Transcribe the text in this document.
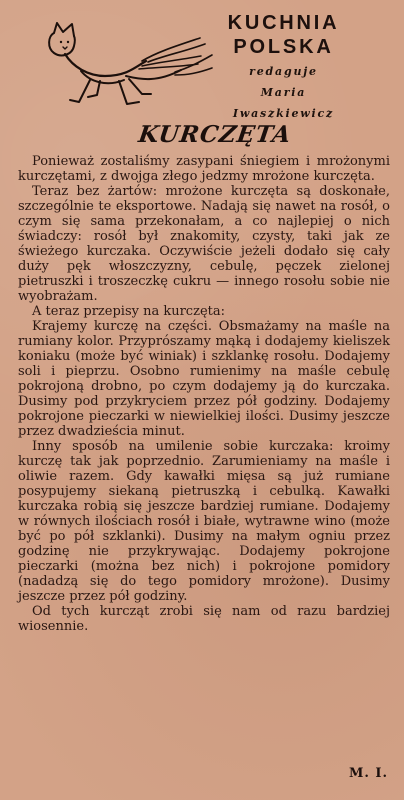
KUCHNIA
POLSKA
redaguje
Maria
Iwaszkiewicz
KURCZĘTA

Ponieważ zostaliśmy zasypani śniegiem i mrożonymi kurczętami, z dwojga złego jedzmy mrożone kurczęta.

Teraz bez żartów: mrożone kurczęta są doskonałe, szczególnie te eksportowe. Nadają się nawet na rosół, o czym się sama przekonałam, a co najlepiej o nich świadczy: rosół był znakomity, czysty, taki jak ze świeżego kurczaka. Oczywiście jeżeli dodało się cały duży pęk włoszczyzny, cebulę, pęczek zielonej pietruszki i troszeczkę cukru — innego rosołu sobie nie wyobrażam.

A teraz przepisy na kurczęta:

Krajemy kurczę na części. Obsmażamy na maśle na rumiany kolor. Przyprószamy mąką i dodajemy kieliszek koniaku (może być winiak) i szklankę rosołu. Dodajemy soli i pieprzu. Osobno rumienimy na maśle cebulę pokrojoną drobno, po czym dodajemy ją do kurczaka. Dusimy pod przykryciem przez pół godziny. Dodajemy pokrojone pieczarki w niewielkiej ilości. Dusimy jeszcze przez dwadzieścia minut.

Inny sposób na umilenie sobie kurczaka: kroimy kurczę tak jak poprzednio. Zarumieniamy na maśle i oliwie razem. Gdy kawałki mięsa są już rumiane posypujemy siekaną pietruszką i cebulką. Kawałki kurczaka robią się jeszcze bardziej rumiane. Dodajemy w równych ilościach rosół i białe, wytrawne wino (może być po pół szklanki). Dusimy na małym ogniu przez godzinę nie przykrywając. Dodajemy pokrojone pieczarki (można bez nich) i pokrojone pomidory (nadadzą się do tego pomidory mrożone). Dusimy jeszcze przez pół godziny.

Od tych kurcząt zrobi się nam od razu bardziej wiosennie.

M. I.
